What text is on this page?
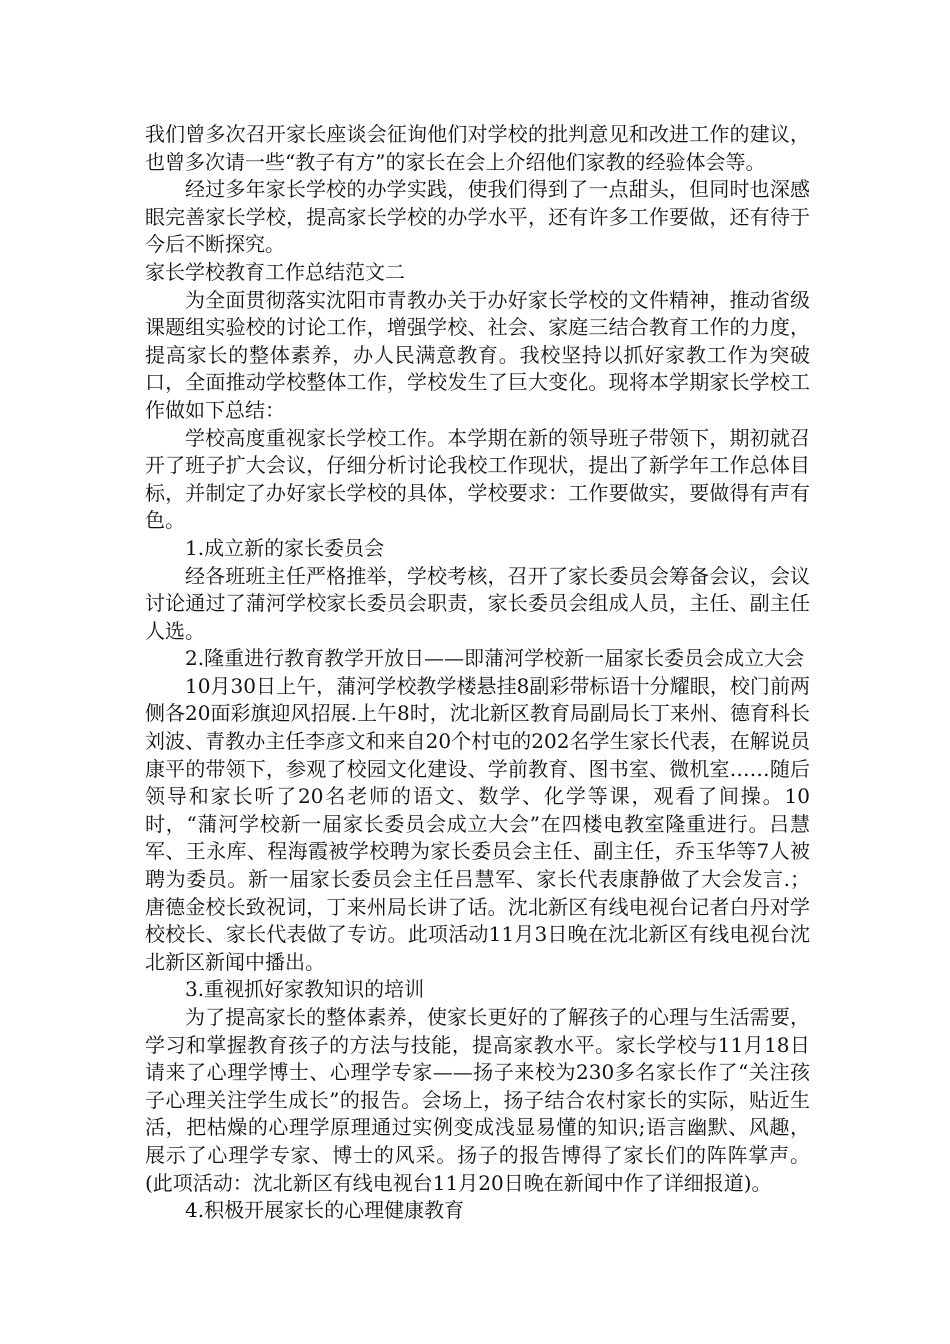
我们曾多次召开家长座谈会征询他们对学校的批判意见和改进工作的建议，也曾多次请一些“教子有方”的家长在会上介绍他们家教的经验体会等。

经过多年家长学校的办学实践，使我们得到了一点甜头，但同时也深感眼完善家长学校，提高家长学校的办学水平，还有许多工作要做，还有待于今后不断探究。

家长学校教育工作总结范文二

为全面贯彻落实沈阳市青教办关于办好家长学校的文件精神，推动省级课题组实验校的讨论工作，增强学校、社会、家庭三结合教育工作的力度，提高家长的整体素养，办人民满意教育。我校坚持以抓好家教工作为突破口，全面推动学校整体工作，学校发生了巨大变化。现将本学期家长学校工作做如下总结：

学校高度重视家长学校工作。本学期在新的领导班子带领下，期初就召开了班子扩大会议，仔细分析讨论我校工作现状，提出了新学年工作总体目标，并制定了办好家长学校的具体，学校要求：工作要做实，要做得有声有色。

1.成立新的家长委员会

经各班班主任严格推举，学校考核，召开了家长委员会筹备会议，会议讨论通过了蒲河学校家长委员会职责，家长委员会组成人员，主任、副主任人选。

2.隆重进行教育教学开放日——即蒲河学校新一届家长委员会成立大会

10月30日上午，蒲河学校教学楼悬挂8副彩带标语十分耀眼，校门前两侧各20面彩旗迎风招展.上午8时，沈北新区教育局副局长丁来州、德育科长刘波、青教办主任李彦文和来自20个村屯的202名学生家长代表，在解说员康平的带领下，参观了校园文化建设、学前教育、图书室、微机室……随后领导和家长听了20名老师的语文、数学、化学等课，观看了间操。10时，“蒲河学校新一届家长委员会成立大会”在四楼电教室隆重进行。吕慧军、王永库、程海霞被学校聘为家长委员会主任、副主任，乔玉华等7人被聘为委员。新一届家长委员会主任吕慧军、家长代表康静做了大会发言.；唐德金校长致祝词，丁来州局长讲了话。沈北新区有线电视台记者白丹对学校校长、家长代表做了专访。此项活动11月3日晚在沈北新区有线电视台沈北新区新闻中播出。

3.重视抓好家教知识的培训

为了提高家长的整体素养，使家长更好的了解孩子的心理与生活需要，学习和掌握教育孩子的方法与技能，提高家教水平。家长学校与11月18日请来了心理学博士、心理学专家——扬子来校为230多名家长作了“关注孩子心理关注学生成长”的报告。会场上，扬子结合农村家长的实际，贴近生活，把枯燥的心理学原理通过实例变成浅显易懂的知识;语言幽默、风趣，展示了心理学专家、博士的风采。扬子的报告博得了家长们的阵阵掌声。(此项活动：沈北新区有线电视台11月20日晚在新闻中作了详细报道)。

4.积极开展家长的心理健康教育
